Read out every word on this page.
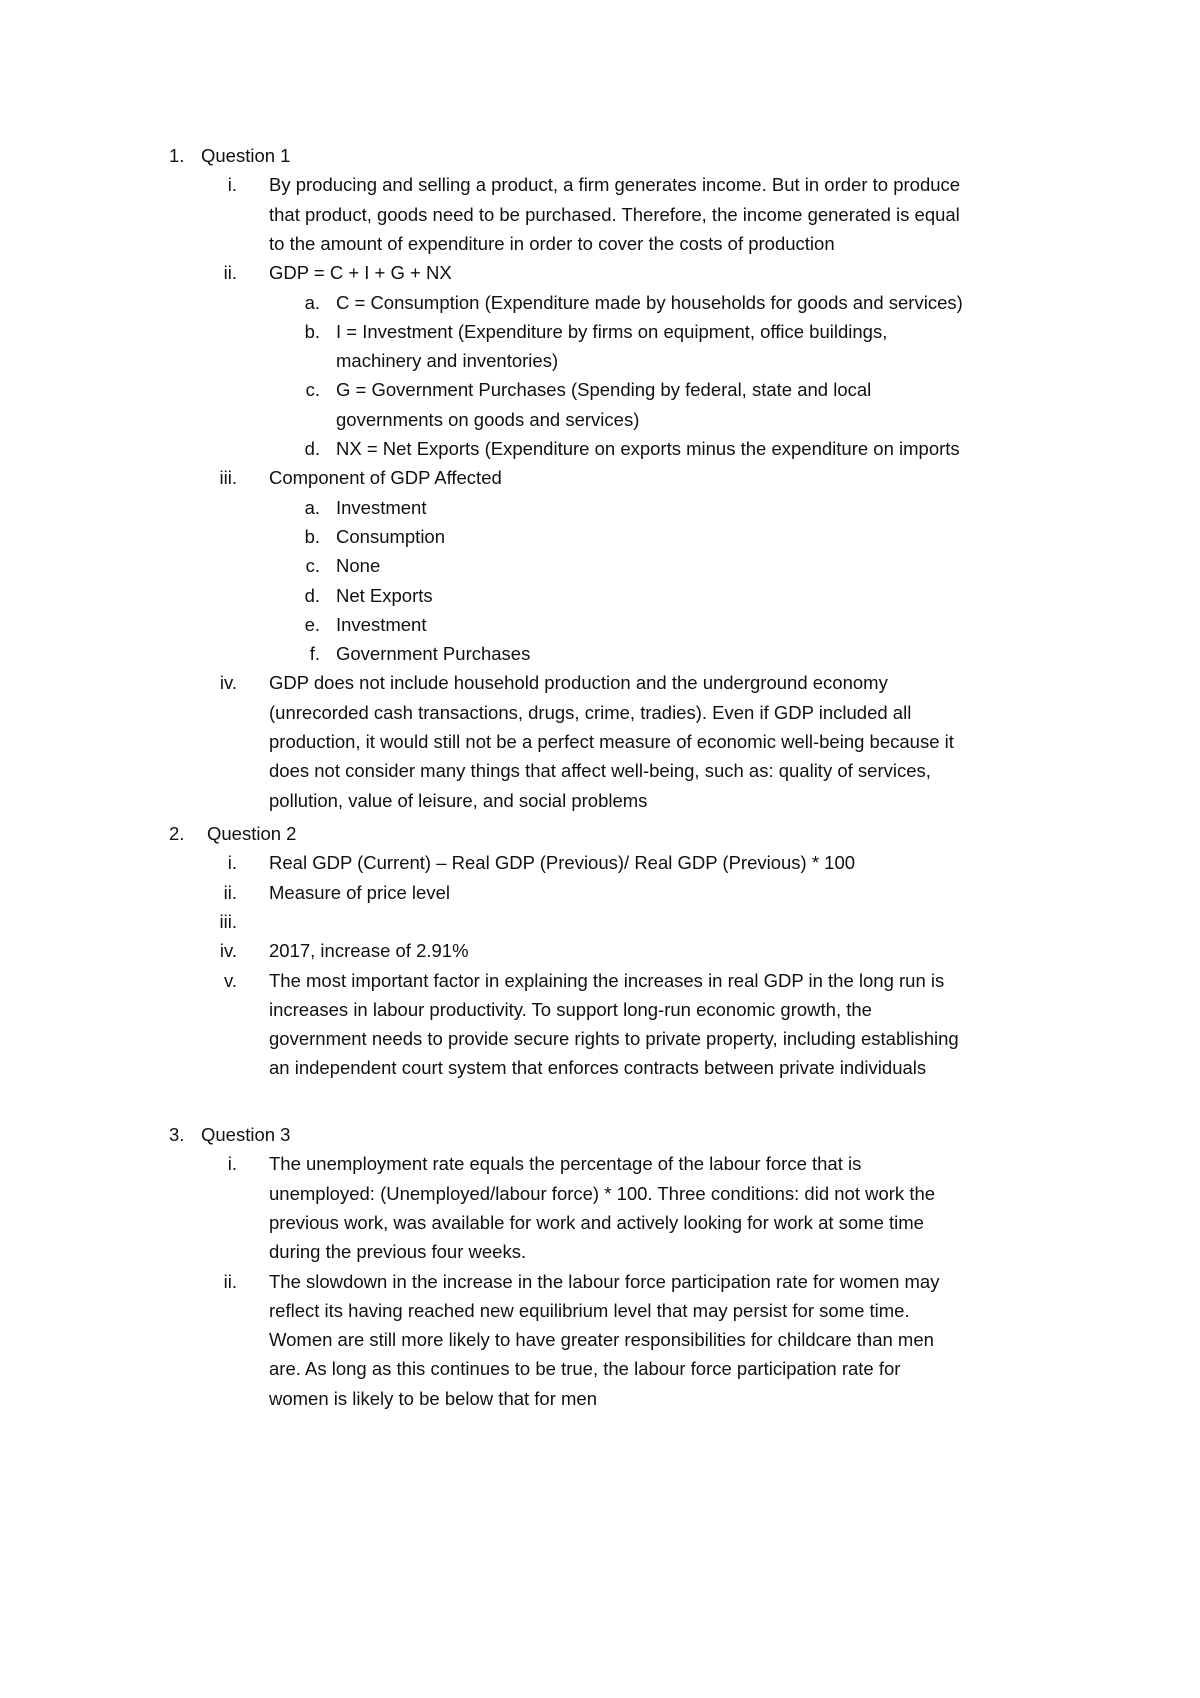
1. Question 1
i. By producing and selling a product, a firm generates income. But in order to produce
that product, goods need to be purchased. Therefore, the income generated is equal
to the amount of expenditure in order to cover the costs of production
ii. GDP = C + I + G + NX
a. C = Consumption (Expenditure made by households for goods and services)
b. I = Investment (Expenditure by firms on equipment, office buildings,
machinery and inventories)
c. G = Government Purchases (Spending by federal, state and local
governments on goods and services)
d. NX = Net Exports (Expenditure on exports minus the expenditure on imports
iii. Component of GDP Affected
a. Investment
b. Consumption
c. None
d. Net Exports
e. Investment
f. Government Purchases
iv. GDP does not include household production and the underground economy
(unrecorded cash transactions, drugs, crime, tradies). Even if GDP included all
production, it would still not be a perfect measure of economic well-being because it
does not consider many things that affect well-being, such as: quality of services,
pollution, value of leisure, and social problems
2. Question 2
i. Real GDP (Current) – Real GDP (Previous)/ Real GDP (Previous) * 100
ii. Measure of price level
iii.
iv. 2017, increase of 2.91%
v. The most important factor in explaining the increases in real GDP in the long run is
increases in labour productivity. To support long-run economic growth, the
government needs to provide secure rights to private property, including establishing
an independent court system that enforces contracts between private individuals
3. Question 3
i. The unemployment rate equals the percentage of the labour force that is
unemployed: (Unemployed/labour force) * 100. Three conditions: did not work the
previous work, was available for work and actively looking for work at some time
during the previous four weeks.
ii. The slowdown in the increase in the labour force participation rate for women may
reflect its having reached new equilibrium level that may persist for some time.
Women are still more likely to have greater responsibilities for childcare than men
are. As long as this continues to be true, the labour force participation rate for
women is likely to be below that for men
